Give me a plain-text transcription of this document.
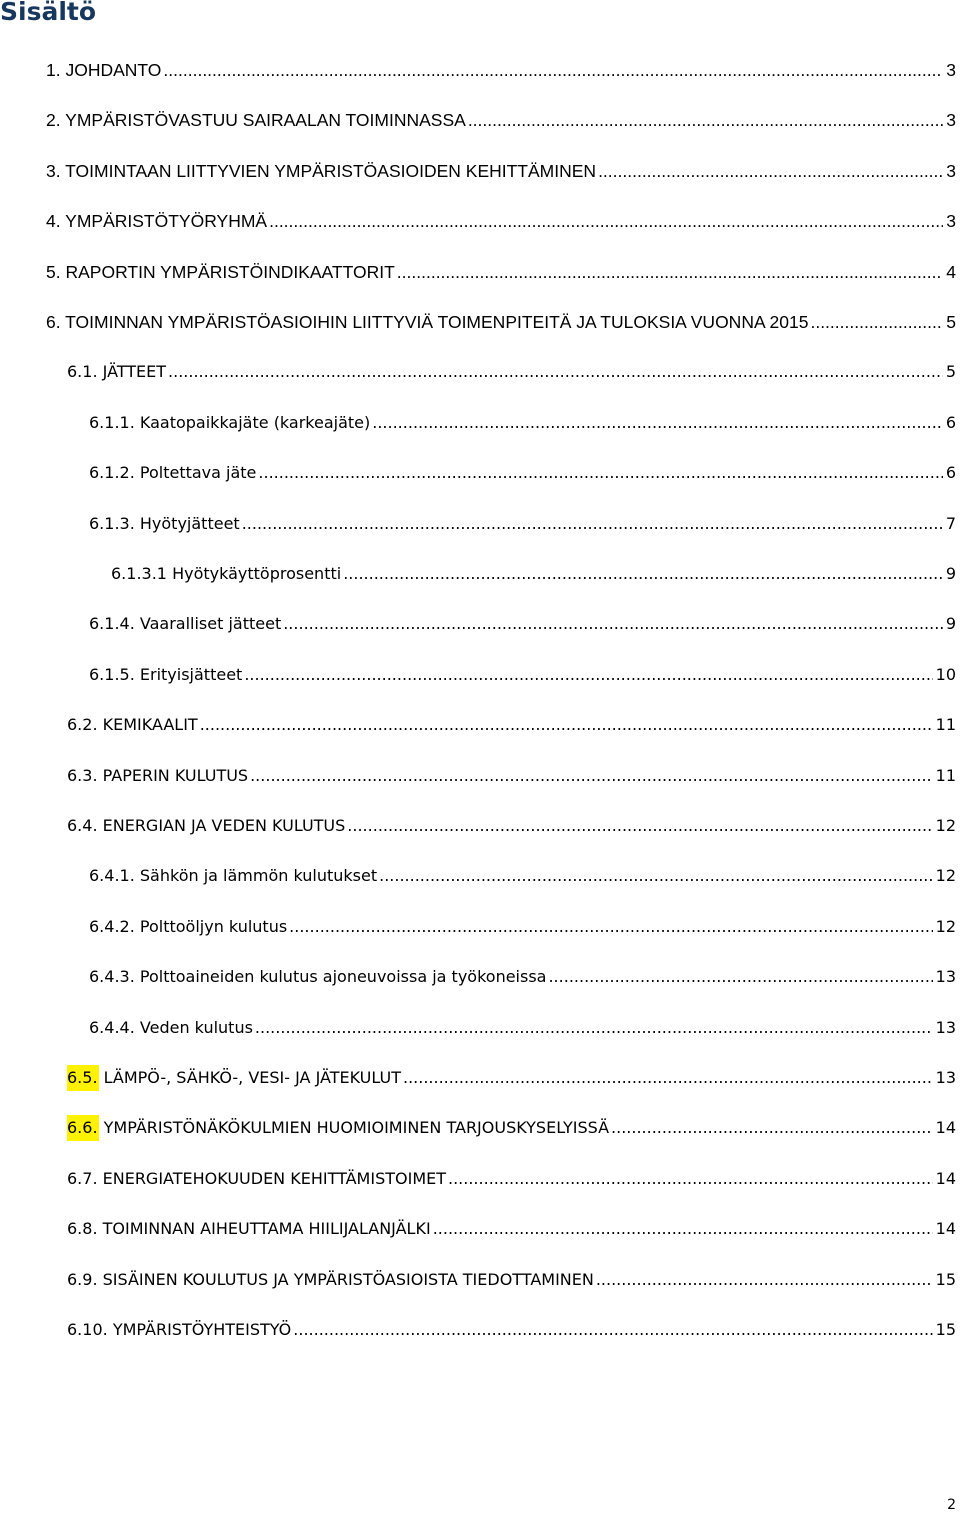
Sisältö
1. JOHDANTO .....	3
2. YMPÄRISTÖVASTUU SAIRAALAN TOIMINNASSA .....	3
3. TOIMINTAAN LIITTYVIEN YMPÄRISTÖASIOIDEN KEHITTÄMINEN .....	3
4. YMPÄRISTÖTYÖRYHMÄ .....	3
5. RAPORTIN YMPÄRISTÖINDIKAATTORIT .....	4
6. TOIMINNAN YMPÄRISTÖASIOIHIN LIITTYVIÄ TOIMENPITEITÄ JA TULOKSIA VUONNA 2015 .....	5
6.1. JÄTTEET .....	5
6.1.1. Kaatopaikkajäte (karkeajäte) .....	6
6.1.2. Poltettava jäte .....	6
6.1.3. Hyötyjätteet .....	7
6.1.3.1 Hyötykäyttöprosentti .....	9
6.1.4. Vaaralliset jätteet .....	9
6.1.5. Erityisjätteet .....	10
6.2. KEMIKAALIT .....	11
6.3. PAPERIN KULUTUS .....	11
6.4. ENERGIAN JA VEDEN KULUTUS .....	12
6.4.1. Sähkön ja lämmön kulutukset .....	12
6.4.2. Polttoöljyn kulutus .....	12
6.4.3. Polttoaineiden kulutus ajoneuvoissa ja työkoneissa .....	13
6.4.4. Veden kulutus .....	13
6.5. LÄMPÖ-, SÄHKÖ-, VESI- JA JÄTEKULUT .....	13
6.6. YMPÄRISTÖNÄKÖKULMIEN HUOMIOIMINEN TARJOUSKYSELYISSÄ .....	14
6.7. ENERGIATEHOKUUDEN KEHITTÄMISTOIMET .....	14
6.8. TOIMINNAN AIHEUTTAMA HIILIJALANJÄLKI .....	14
6.9. SISÄINEN KOULUTUS JA YMPÄRISTÖASIOISTA TIEDOTTAMINEN .....	15
6.10. YMPÄRISTÖYHTEISTYÖ .....	15
2
